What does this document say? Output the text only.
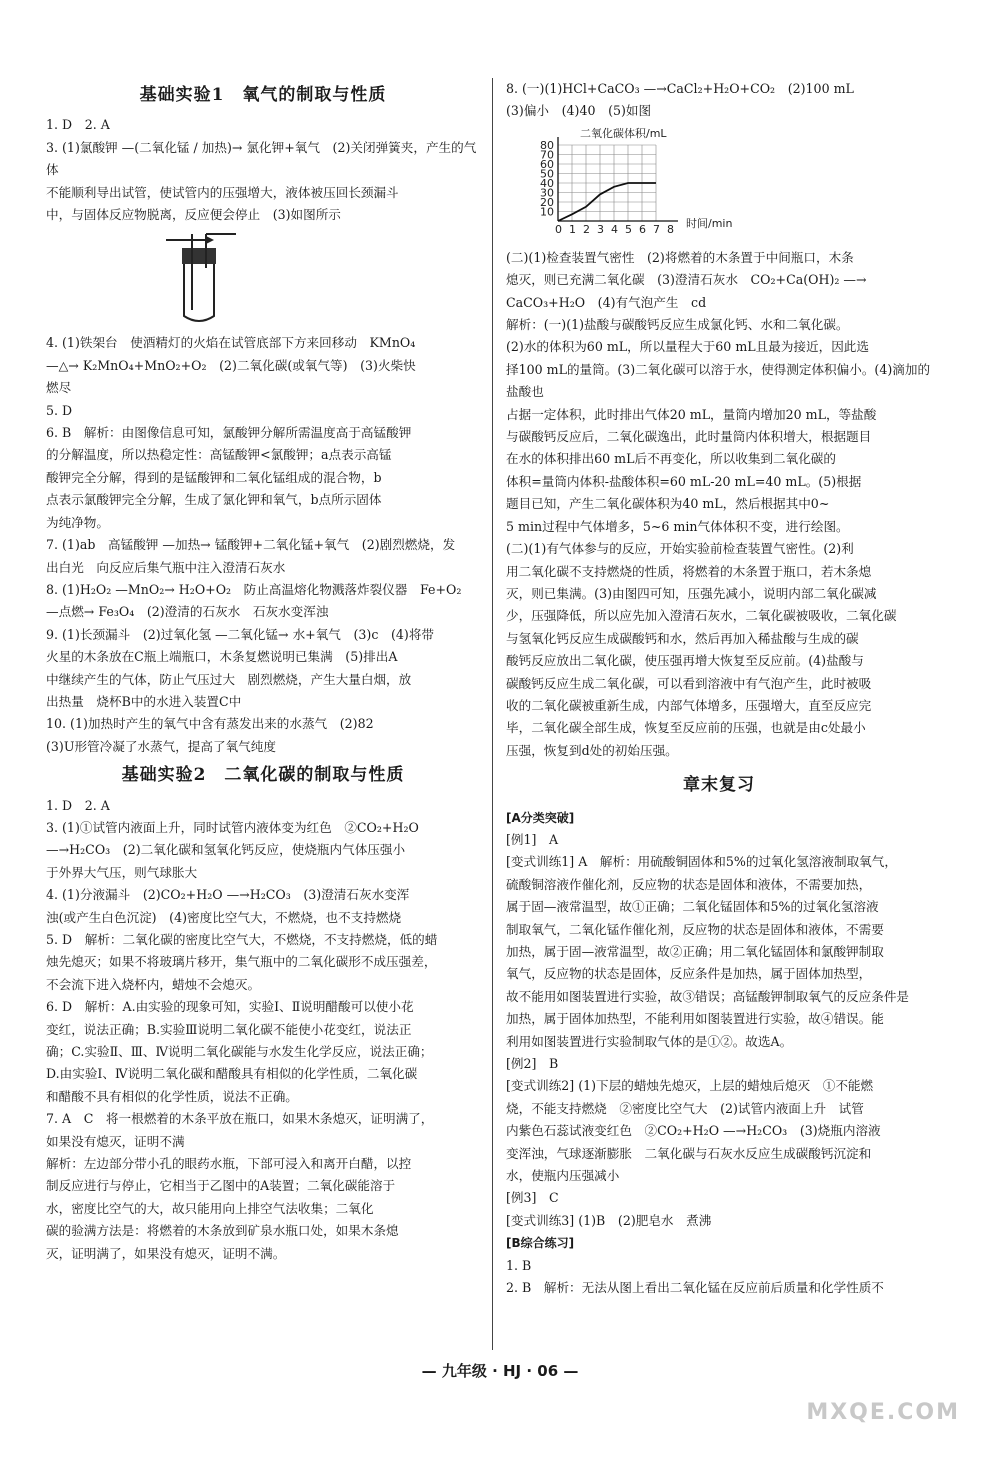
基础实验1　氧气的制取与性质

1. D　2. A

3. (1)氯酸钾 —(二氧化锰 / 加热)→ 氯化钾+氧气　(2)关闭弹簧夹，产生的气体

不能顺利导出试管，使试管内的压强增大，液体被压回长颈漏斗

中，与固体反应物脱离，反应便会停止　(3)如图所示

4. (1)铁架台　使酒精灯的火焰在试管底部下方来回移动　KMnO₄

—△→ K₂MnO₄+MnO₂+O₂　(2)二氧化碳(或氧气等)　(3)火柴快

燃尽

5. D

6. B　解析：由图像信息可知，氯酸钾分解所需温度高于高锰酸钾

的分解温度，所以热稳定性：高锰酸钾<氯酸钾；a点表示高锰

酸钾完全分解，得到的是锰酸钾和二氧化锰组成的混合物，b

点表示氯酸钾完全分解，生成了氯化钾和氧气，b点所示固体

为纯净物。

7. (1)ab　高锰酸钾 —加热→ 锰酸钾+二氧化锰+氧气　(2)剧烈燃烧，发

出白光　向反应后集气瓶中注入澄清石灰水

8. (1)H₂O₂ —MnO₂→ H₂O+O₂　防止高温熔化物溅落炸裂仪器　Fe+O₂

—点燃→ Fe₃O₄　(2)澄清的石灰水　石灰水变浑浊

9. (1)长颈漏斗　(2)过氧化氢 —二氧化锰→ 水+氧气　(3)c　(4)将带

火星的木条放在C瓶上端瓶口，木条复燃说明已集满　(5)排出A

中继续产生的气体，防止气压过大　剧烈燃烧，产生大量白烟，放

出热量　烧杯B中的水进入装置C中

10. (1)加热时产生的氧气中含有蒸发出来的水蒸气　(2)82

(3)U形管冷凝了水蒸气，提高了氧气纯度

基础实验2　二氧化碳的制取与性质

1. D　2. A

3. (1)①试管内液面上升，同时试管内液体变为红色　②CO₂+H₂O

—→H₂CO₃　(2)二氧化碳和氢氧化钙反应，使烧瓶内气体压强小

于外界大气压，则气球胀大

4. (1)分液漏斗　(2)CO₂+H₂O —→H₂CO₃　(3)澄清石灰水变浑

浊(或产生白色沉淀)　(4)密度比空气大，不燃烧，也不支持燃烧

5. D　解析：二氧化碳的密度比空气大，不燃烧，不支持燃烧，低的蜡

烛先熄灭；如果不将玻璃片移开，集气瓶中的二氧化碳形不成压强差，

不会流下进入烧杯内，蜡烛不会熄灭。

6. D　解析：A.由实验的现象可知，实验Ⅰ、Ⅱ说明醋酸可以使小花

变红，说法正确；B.实验Ⅲ说明二氧化碳不能使小花变红，说法正

确；C.实验Ⅱ、Ⅲ、Ⅳ说明二氧化碳能与水发生化学反应，说法正确；

D.由实验Ⅰ、Ⅳ说明二氧化碳和醋酸具有相似的化学性质，二氧化碳

和醋酸不具有相似的化学性质，说法不正确。

7. A　C　将一根燃着的木条平放在瓶口，如果木条熄灭，证明满了，

如果没有熄灭，证明不满

解析：左边部分带小孔的眼药水瓶，下部可浸入和离开白醋，以控

制反应进行与停止，它相当于乙图中的A装置；二氧化碳能溶于

水，密度比空气的大，故只能用向上排空气法收集；二氧化

碳的验满方法是：将燃着的木条放到矿泉水瓶口处，如果木条熄

灭，证明满了，如果没有熄灭，证明不满。

8. (一)(1)HCl+CaCO₃ —→CaCl₂+H₂O+CO₂　(2)100 mL

(3)偏小　(4)40　(5)如图

二氧化碳体积/mL
时间/min
0 1 2 3 4 5 6 7 8
10
20
30
40
50
60
70
80

(二)(1)检查装置气密性　(2)将燃着的木条置于中间瓶口，木条

熄灭，则已充满二氧化碳　(3)澄清石灰水　CO₂+Ca(OH)₂ —→

CaCO₃+H₂O　(4)有气泡产生　cd

解析：(一)(1)盐酸与碳酸钙反应生成氯化钙、水和二氧化碳。

(2)水的体积为60 mL，所以量程大于60 mL且最为接近，因此选

择100 mL的量筒。(3)二氧化碳可以溶于水，使得测定体积偏小。(4)滴加的盐酸也

占据一定体积，此时排出气体20 mL，量筒内增加20 mL，等盐酸

与碳酸钙反应后，二氧化碳逸出，此时量筒内体积增大，根据题目

在水的体积排出60 mL后不再变化，所以收集到二氧化碳的

体积=量筒内体积-盐酸体积=60 mL-20 mL=40 mL。(5)根据

题目已知，产生二氧化碳体积为40 mL，然后根据其中0~

5 min过程中气体增多，5~6 min气体体积不变，进行绘图。

(二)(1)有气体参与的反应，开始实验前检查装置气密性。(2)利

用二氧化碳不支持燃烧的性质，将燃着的木条置于瓶口，若木条熄

灭，则已集满。(3)由图四可知，压强先减小，说明内部二氧化碳减

少，压强降低，所以应先加入澄清石灰水，二氧化碳被吸收，二氧化碳

与氢氧化钙反应生成碳酸钙和水，然后再加入稀盐酸与生成的碳

酸钙反应放出二氧化碳，使压强再增大恢复至反应前。(4)盐酸与

碳酸钙反应生成二氧化碳，可以看到溶液中有气泡产生，此时被吸

收的二氧化碳被重新生成，内部气体增多，压强增大，直至反应完

毕，二氧化碳全部生成，恢复至反应前的压强，也就是由c处最小

压强，恢复到d处的初始压强。

章末复习

[A分类突破]

[例1]　A

[变式训练1] A　解析：用硫酸铜固体和5%的过氧化氢溶液制取氧气，

硫酸铜溶液作催化剂，反应物的状态是固体和液体，不需要加热，

属于固—液常温型，故①正确；二氧化锰固体和5%的过氧化氢溶液

制取氧气，二氧化锰作催化剂，反应物的状态是固体和液体，不需要

加热，属于固—液常温型，故②正确；用二氧化锰固体和氯酸钾制取

氧气，反应物的状态是固体，反应条件是加热，属于固体加热型，

故不能用如图装置进行实验，故③错误；高锰酸钾制取氧气的反应条件是

加热，属于固体加热型，不能利用如图装置进行实验，故④错误。能

利用如图装置进行实验制取气体的是①②。故选A。

[例2]　B

[变式训练2] (1)下层的蜡烛先熄灭，上层的蜡烛后熄灭　①不能燃

烧，不能支持燃烧　②密度比空气大　(2)试管内液面上升　试管

内紫色石蕊试液变红色　②CO₂+H₂O —→H₂CO₃　(3)烧瓶内溶液

变浑浊，气球逐渐膨胀　二氧化碳与石灰水反应生成碳酸钙沉淀和

水，使瓶内压强减小

[例3]　C

[变式训练3] (1)B　(2)肥皂水　煮沸

[B综合练习]

1. B

2. B　解析：无法从图上看出二氧化锰在反应前后质量和化学性质不

— 九年级 · HJ · 06 —
MXQE.COM
